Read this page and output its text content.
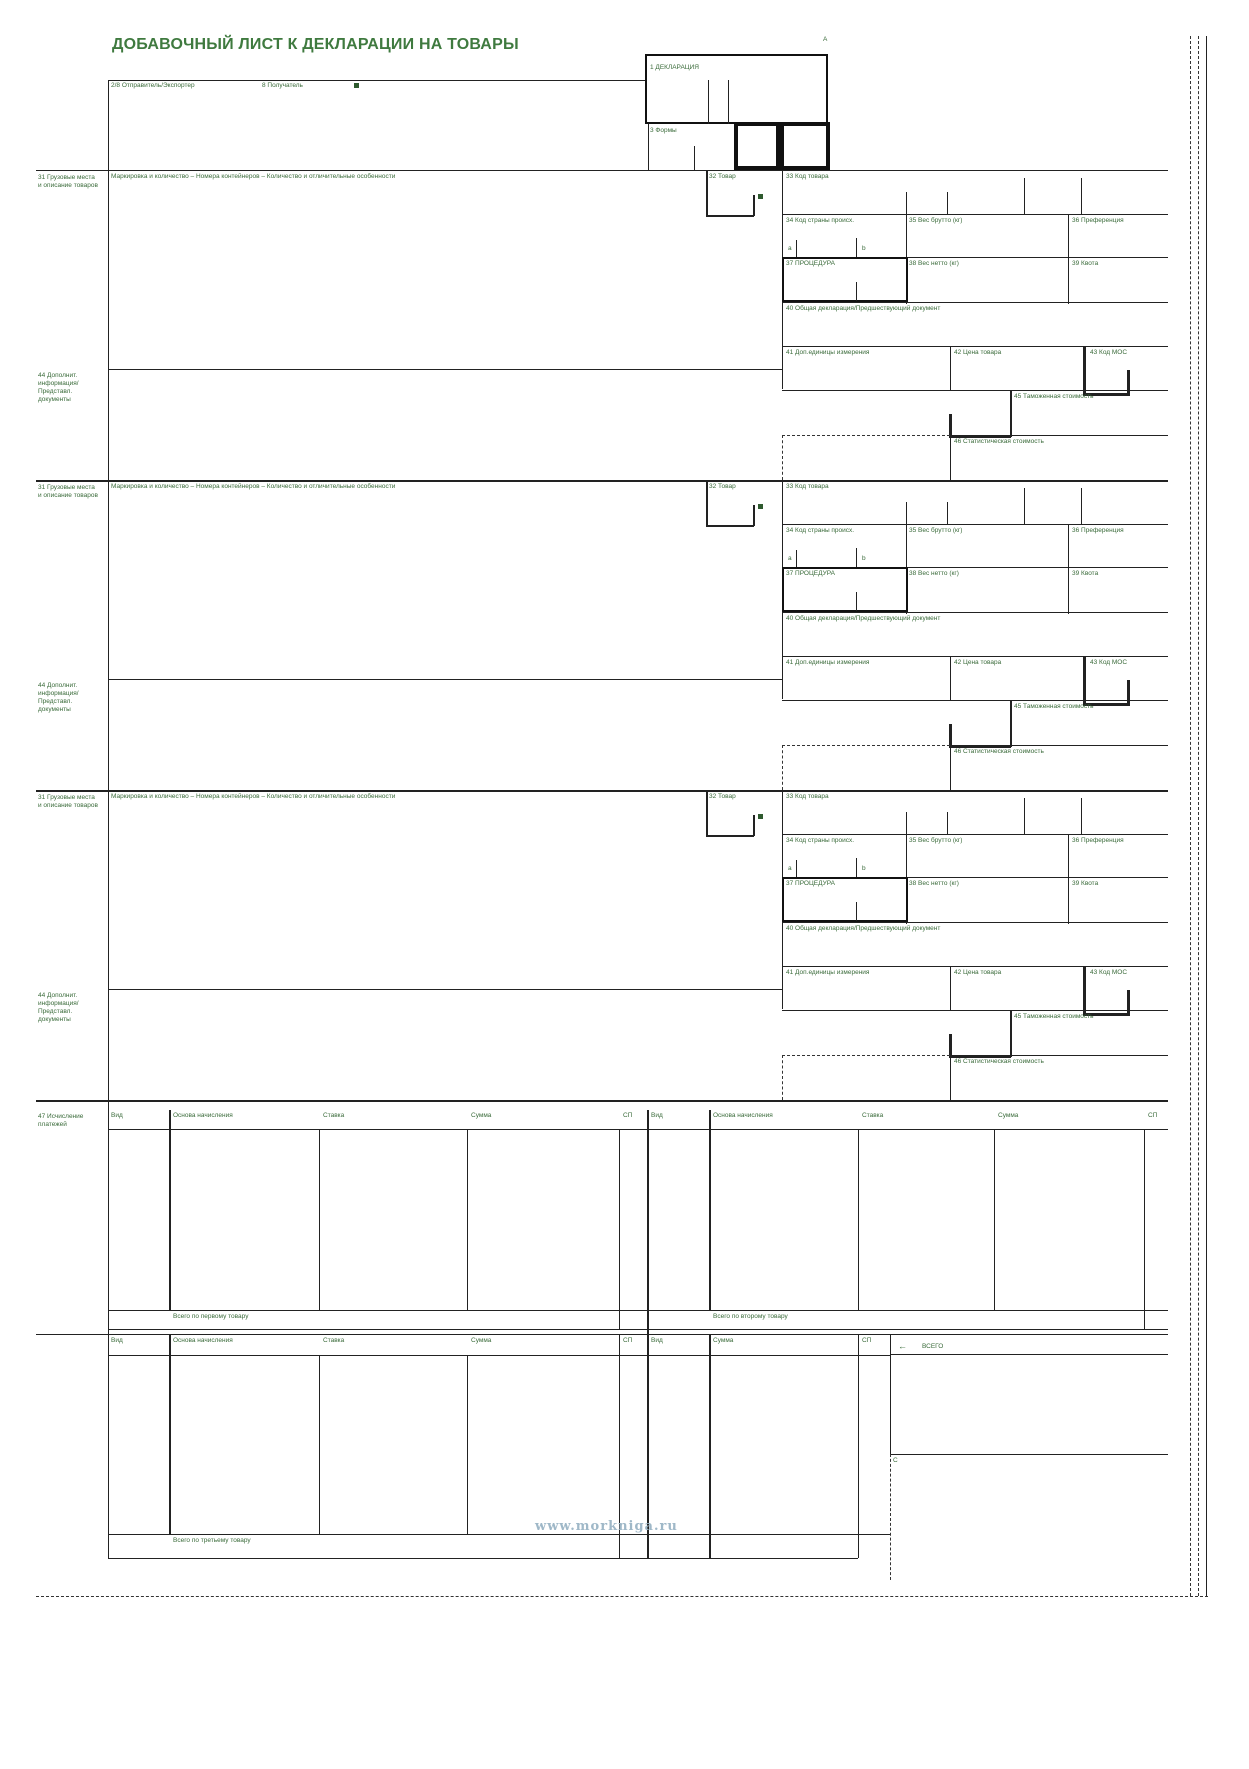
ДОБАВОЧНЫЙ ЛИСТ К ДЕКЛАРАЦИИ НА ТОВАРЫ	А
2/8 Отправитель/Экспортер	8 Получатель
1 ДЕКЛАРАЦИЯ
3 Формы
31 Грузовые места и описание товаров
Маркировка и количество – Номера контейнеров – Количество и отличительные особенности	32 Товар	33 Код товара
34 Код страны происх.	35 Вес брутто (кг)	36 Преференция
a	b
37 ПРОЦЕДУРА	38 Вес нетто (кг)	39 Квота
40 Общая декларация/Предшествующий документ
41 Доп.единицы измерения	42 Цена товара	43 Код МОС
44 Дополнит. информация/ Представл. документы	45 Таможенная стоимость
46 Статистическая стоимость
31 Грузовые места и описание товаров
Маркировка и количество – Номера контейнеров – Количество и отличительные особенности	32 Товар	33 Код товара
34 Код страны происх.	35 Вес брутто (кг)	36 Преференция
a	b
37 ПРОЦЕДУРА	38 Вес нетто (кг)	39 Квота
40 Общая декларация/Предшествующий документ
41 Доп.единицы измерения	42 Цена товара	43 Код МОС
44 Дополнит. информация/ Представл. документы	45 Таможенная стоимость
46 Статистическая стоимость
31 Грузовые места и описание товаров
Маркировка и количество – Номера контейнеров – Количество и отличительные особенности	32 Товар	33 Код товара
34 Код страны происх.	35 Вес брутто (кг)	36 Преференция
a	b
37 ПРОЦЕДУРА	38 Вес нетто (кг)	39 Квота
40 Общая декларация/Предшествующий документ
41 Доп.единицы измерения	42 Цена товара	43 Код МОС
44 Дополнит. информация/ Представл. документы	45 Таможенная стоимость
46 Статистическая стоимость
47 Исчисление платежей
Вид	Основа начисления	Ставка	Сумма	СП	Вид	Основа начисления	Ставка	Сумма	СП
Всего по первому товару	Всего по второму товару
Вид	Основа начисления	Ставка	Сумма	СП	Вид	Сумма	СП
← ВСЕГО
С
Всего по третьему товару
www.morkniga.ru
